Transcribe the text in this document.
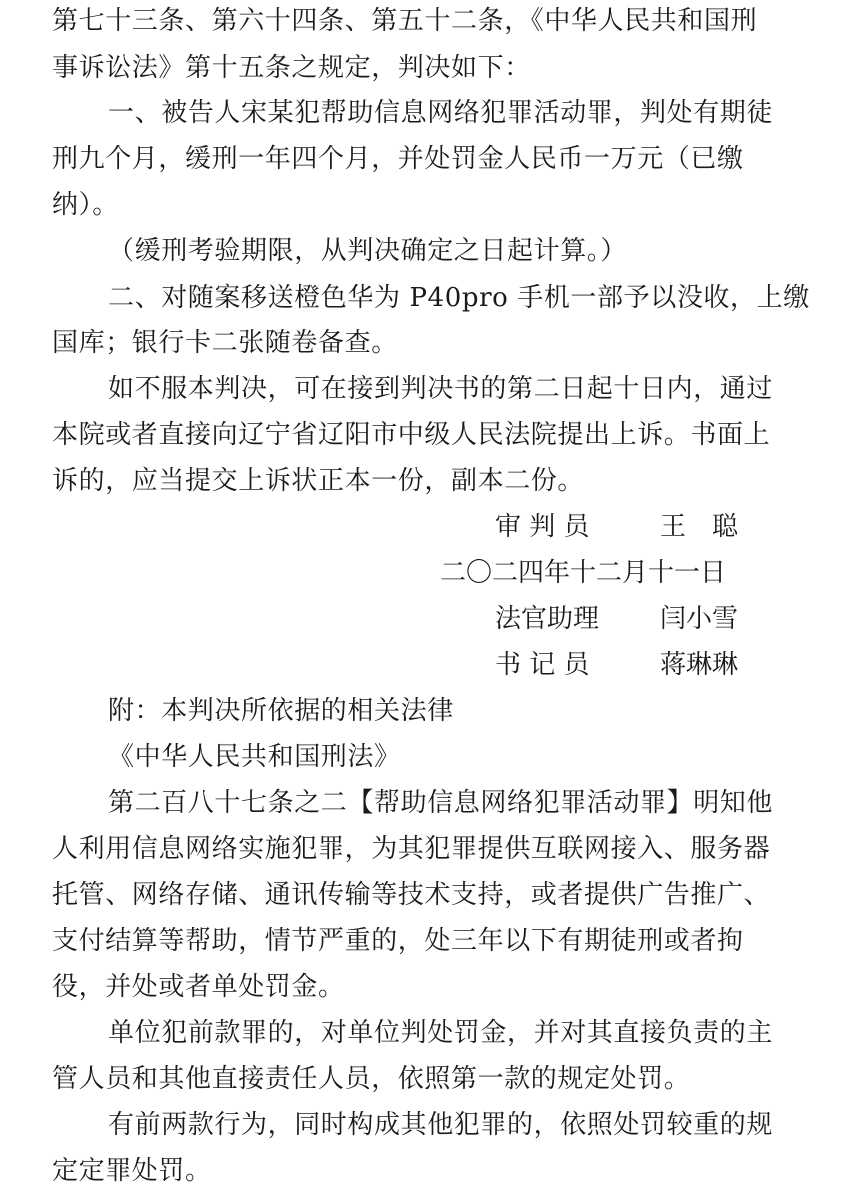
第七十三条、第六十四条、第五十二条，《中华人民共和国刑

事诉讼法》第十五条之规定，判决如下：

一、被告人宋某犯帮助信息网络犯罪活动罪，判处有期徒

刑九个月，缓刑一年四个月，并处罚金人民币一万元（已缴

纳）。

（缓刑考验期限，从判决确定之日起计算。）

二、对随案移送橙色华为 P40pro 手机一部予以没收，上缴

国库；银行卡二张随卷备查。

如不服本判决，可在接到判决书的第二日起十日内，通过

本院或者直接向辽宁省辽阳市中级人民法院提出上诉。书面上

诉的，应当提交上诉状正本一份，副本二份。

审 判 员	王　聪

二〇二四年十二月十一日

法官助理 闫小雪

书 记 员	蒋琳琳

附：本判决所依据的相关法律

《中华人民共和国刑法》

第二百八十七条之二【帮助信息网络犯罪活动罪】明知他

人利用信息网络实施犯罪，为其犯罪提供互联网接入、服务器

托管、网络存储、通讯传输等技术支持，或者提供广告推广、

支付结算等帮助，情节严重的，处三年以下有期徒刑或者拘

役，并处或者单处罚金。

单位犯前款罪的，对单位判处罚金，并对其直接负责的主

管人员和其他直接责任人员，依照第一款的规定处罚。

有前两款行为，同时构成其他犯罪的，依照处罚较重的规

定定罪处罚。
